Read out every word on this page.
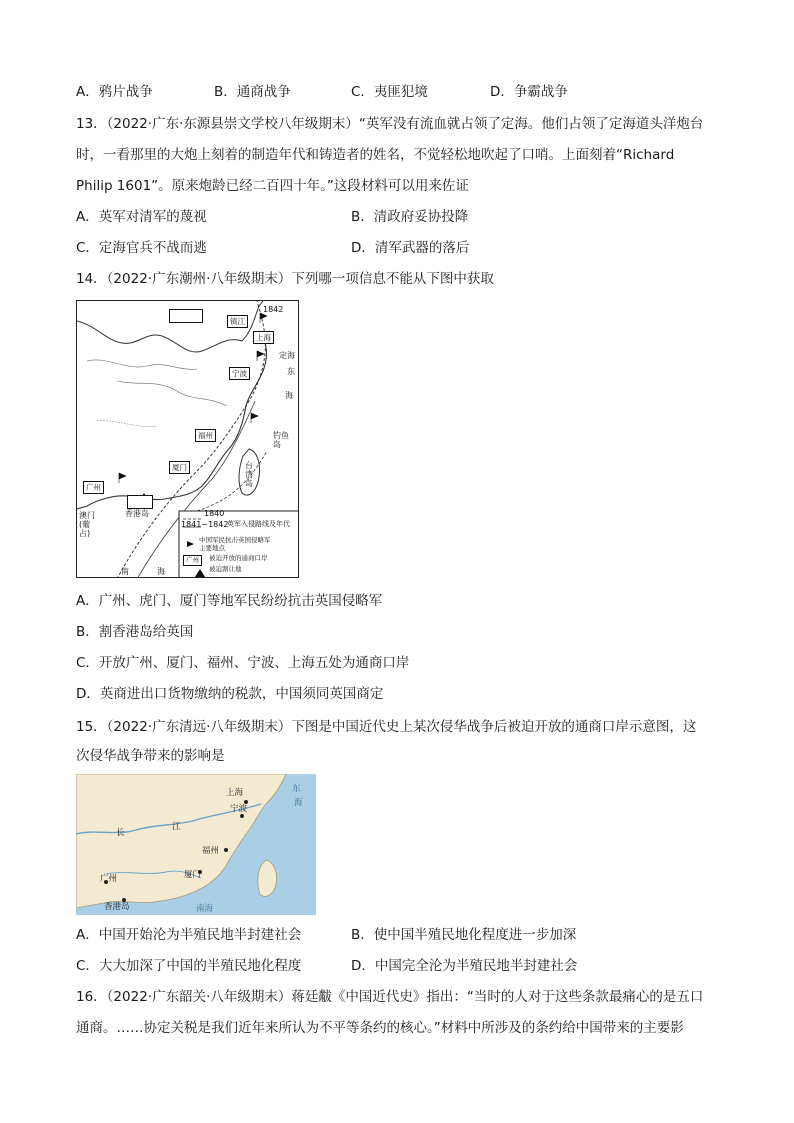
A．鸦片战争	B．通商战争	C．夷匪犯境	D．争霸战争
13．（2022·广东·东源县崇文学校八年级期末）“英军没有流血就占领了定海。他们占领了定海道头洋炮台
时，一看那里的大炮上刻着的制造年代和铸造者的姓名，不觉轻松地吹起了口哨。上面刻着“Richard
Philip 1601”。原来炮龄已经二百四十年。”这段材料可以用来佐证
A．英军对清军的蔑视	B．清政府妥协投降
C．定海官兵不战而逃	D．清军武器的落后
14．（2022·广东潮州·八年级期末）下列哪一项信息不能从下图中获取
1842
镇江
上海
定海
宁波	东
海
福州	钓鱼岛
厦门	台湾岛
广州
香港岛
澳门(葡占)
南	海
1840
1841~1842
英军入侵路线及年代
中国军民抗击英国侵略军主要地点
广州	被迫开放的通商口岸
被迫割让地
A．广州、虎门、厦门等地军民纷纷抗击英国侵略军
B．割香港岛给英国
C．开放广州、厦门、福州、宁波、上海五处为通商口岸
D．英商进出口货物缴纳的税款，中国须同英国商定
15．（2022·广东清远·八年级期末）下图是中国近代史上某次侵华战争后被迫开放的通商口岸示意图，这
次侵华战争带来的影响是
长
江
上海
宁波
福州
厦门
广州
香港岛
东
海
南海
A．中国开始沦为半殖民地半封建社会	B．使中国半殖民地化程度进一步加深
C．大大加深了中国的半殖民地化程度	D．中国完全沦为半殖民地半封建社会
16．（2022·广东韶关·八年级期末）蒋廷黻《中国近代史》指出：“当时的人对于这些条款最痛心的是五口
通商。……协定关税是我们近年来所认为不平等条约的核心。”材料中所涉及的条约给中国带来的主要影
